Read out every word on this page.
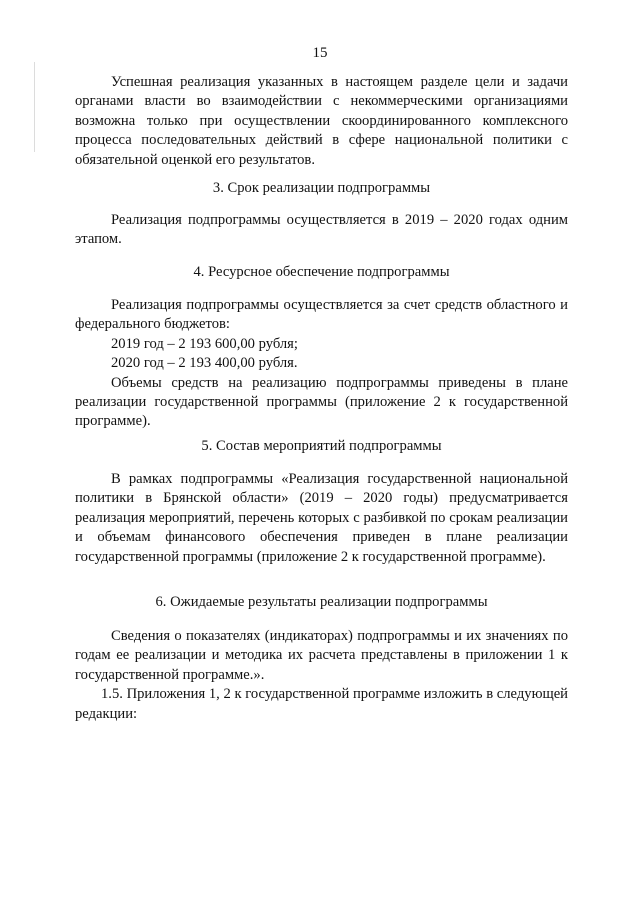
15

Успешная реализация указанных в настоящем разделе цели и задачи органами власти во взаимодействии с некоммерческими организациями возможна только при осуществлении скоординированного комплексного процесса последовательных действий в сфере национальной политики с обязательной оценкой его результатов.

3. Срок реализации подпрограммы

Реализация подпрограммы осуществляется в 2019 – 2020 годах одним этапом.

4. Ресурсное обеспечение подпрограммы

Реализация подпрограммы осуществляется за счет средств областного и федерального бюджетов:

2019 год – 2 193 600,00 рубля;

2020 год – 2 193 400,00 рубля.

Объемы средств на реализацию подпрограммы приведены в плане реализации государственной программы (приложение 2 к государственной программе).

5. Состав мероприятий подпрограммы

В рамках подпрограммы «Реализация государственной национальной политики в Брянской области» (2019 – 2020 годы) предусматривается реализация мероприятий, перечень которых с разбивкой по срокам реализации и объемам финансового обеспечения приведен в плане реализации государственной программы (приложение 2 к государственной программе).

6. Ожидаемые результаты реализации подпрограммы

Сведения о показателях (индикаторах) подпрограммы и их значениях по годам ее реализации и методика их расчета представлены в приложении 1 к государственной программе.».

1.5. Приложения 1, 2 к государственной программе изложить в следующей редакции:
